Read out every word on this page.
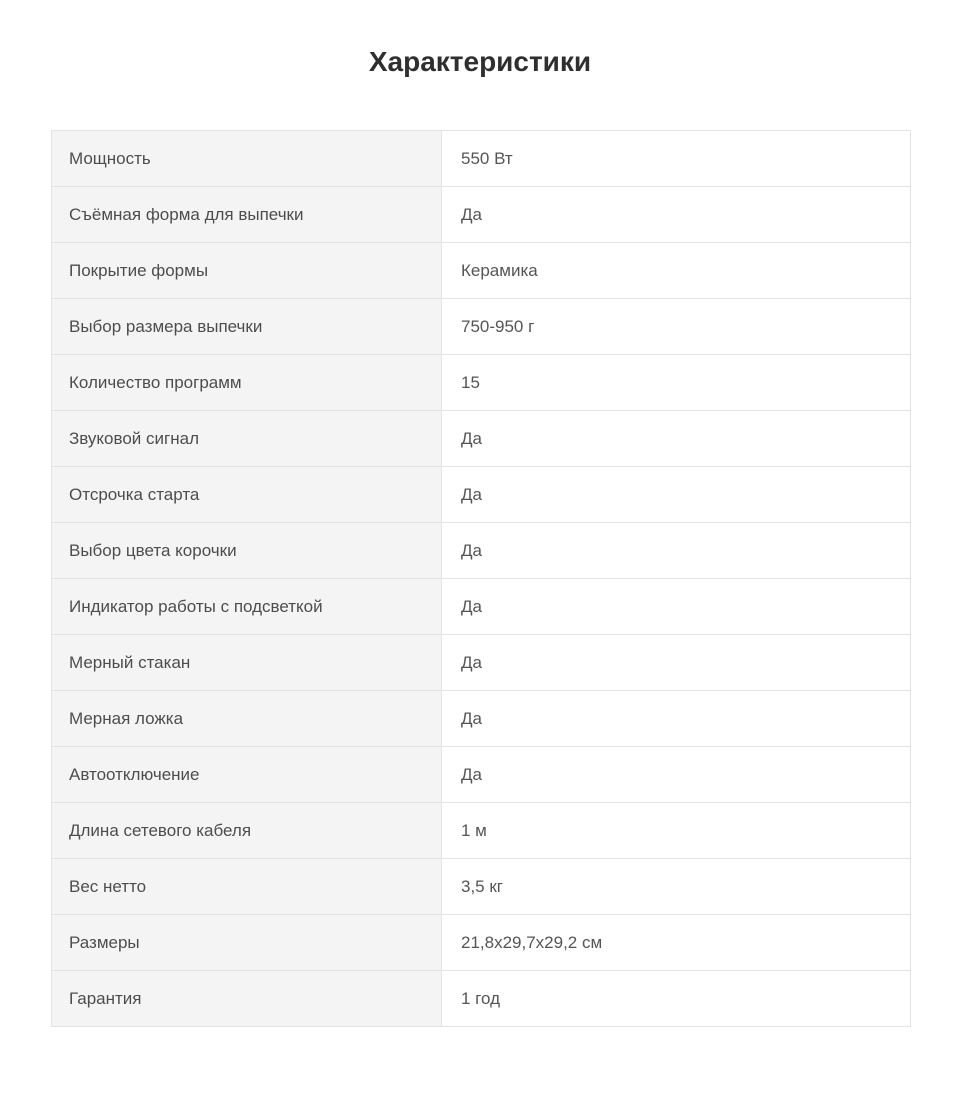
Характеристики
Мощность	550 Вт
Съёмная форма для выпечки	Да
Покрытие формы	Керамика
Выбор размера выпечки	750-950 г
Количество программ	15
Звуковой сигнал	Да
Отсрочка старта	Да
Выбор цвета корочки	Да
Индикатор работы с подсветкой	Да
Мерный стакан	Да
Мерная ложка	Да
Автоотключение	Да
Длина сетевого кабеля	1 м
Вес нетто	3,5 кг
Размеры	21,8x29,7x29,2 см
Гарантия	1 год
